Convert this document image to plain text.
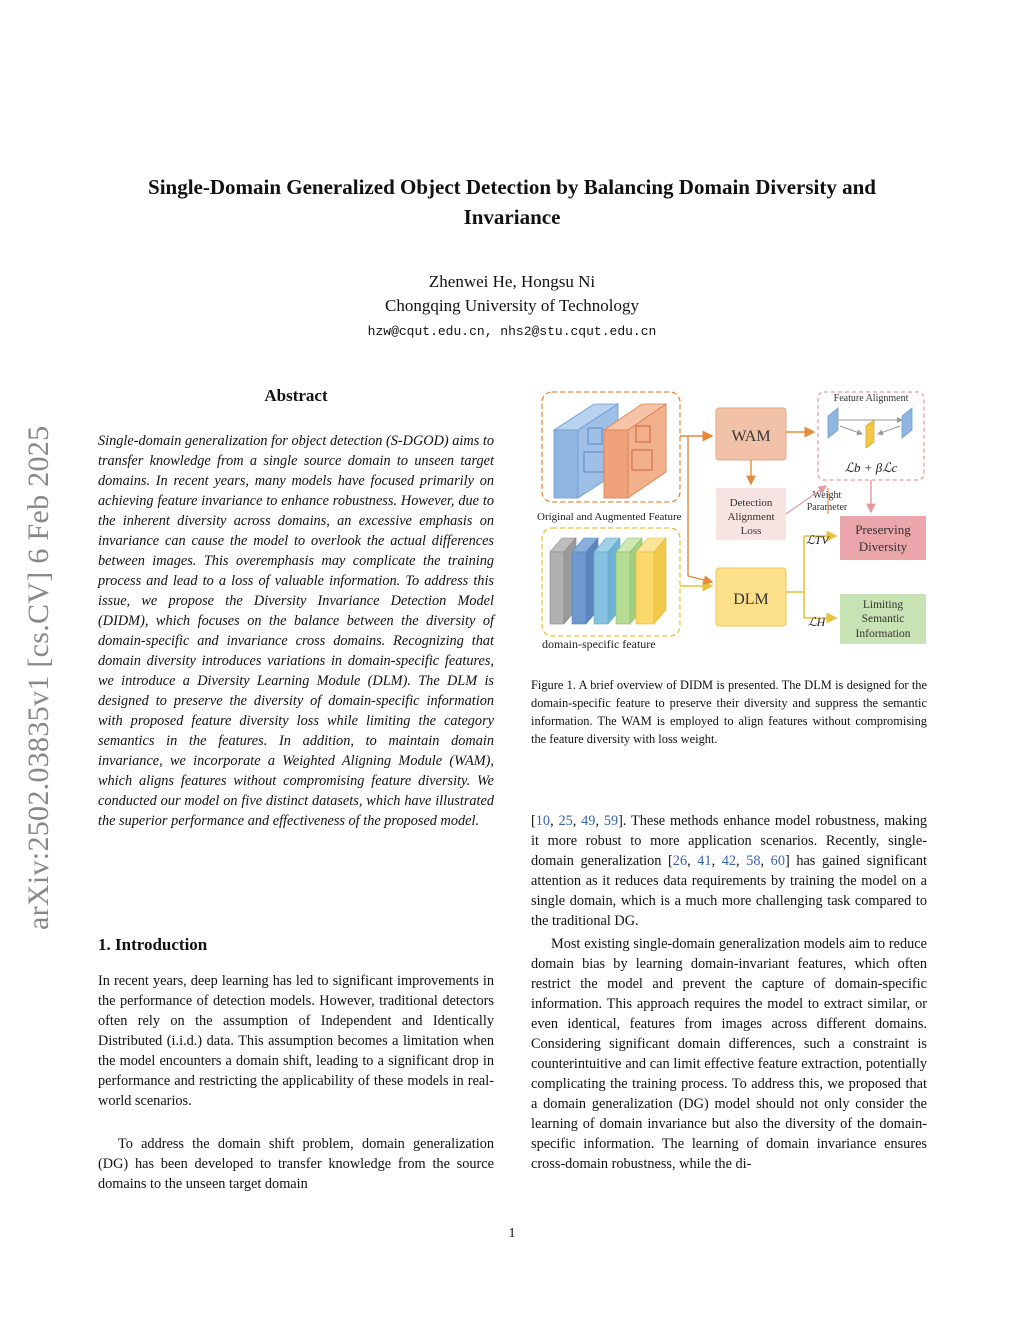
Single-Domain Generalized Object Detection by Balancing Domain Diversity and Invariance
Zhenwei He, Hongsu Ni
Chongqing University of Technology
hzw@cqut.edu.cn, nhs2@stu.cqut.edu.cn
arXiv:2502.03835v1 [cs.CV] 6 Feb 2025
Abstract
Single-domain generalization for object detection (S-DGOD) aims to transfer knowledge from a single source domain to unseen target domains. In recent years, many models have focused primarily on achieving feature invariance to enhance robustness. However, due to the inherent diversity across domains, an excessive emphasis on invariance can cause the model to overlook the actual differences between images. This overemphasis may complicate the training process and lead to a loss of valuable information. To address this issue, we propose the Diversity Invariance Detection Model (DIDM), which focuses on the balance between the diversity of domain-specific and invariance cross domains. Recognizing that domain diversity introduces variations in domain-specific features, we introduce a Diversity Learning Module (DLM). The DLM is designed to preserve the diversity of domain-specific information with proposed feature diversity loss while limiting the category semantics in the features. In addition, to maintain domain invariance, we incorporate a Weighted Aligning Module (WAM), which aligns features without compromising feature diversity. We conducted our model on five distinct datasets, which have illustrated the superior performance and effectiveness of the proposed model.
1. Introduction
In recent years, deep learning has led to significant improvements in the performance of detection models. However, traditional detectors often rely on the assumption of Independent and Identically Distributed (i.i.d.) data. This assumption becomes a limitation when the model encounters a domain shift, leading to a significant drop in performance and restricting the applicability of these models in real-world scenarios.
To address the domain shift problem, domain generalization (DG) has been developed to transfer knowledge from the source domains to the unseen target domain
[10, 25, 49, 59]. These methods enhance model robustness, making it more robust to more application scenarios. Recently, single-domain generalization [26, 41, 42, 58, 60] has gained significant attention as it reduces data requirements by training the model on a single domain, which is a much more challenging task compared to the traditional DG.
Most existing single-domain generalization models aim to reduce domain bias by learning domain-invariant features, which often restrict the model and prevent the capture of domain-specific information. This approach requires the model to extract similar, or even identical, features from images across different domains. Considering significant domain differences, such a constraint is counterintuitive and can limit effective feature extraction, potentially complicating the training process. To address this, we proposed that a domain generalization (DG) model should not only consider the learning of domain invariance but also the diversity of the domain-specific information. The learning of domain invariance ensures cross-domain robustness, while the di-
Original and Augmented Feature
domain-specific feature
WAM
Detection
Alignment
Loss
DLM
Feature Alignment
ℒb + βℒc
Weight
Parameter
ℒTV
ℒH
Preserving
Diversity
Limiting
Semantic
Information
Figure 1. A brief overview of DIDM is presented. The DLM is designed for the domain-specific feature to preserve their diversity and suppress the semantic information. The WAM is employed to align features without compromising the feature diversity with loss weight.
1
